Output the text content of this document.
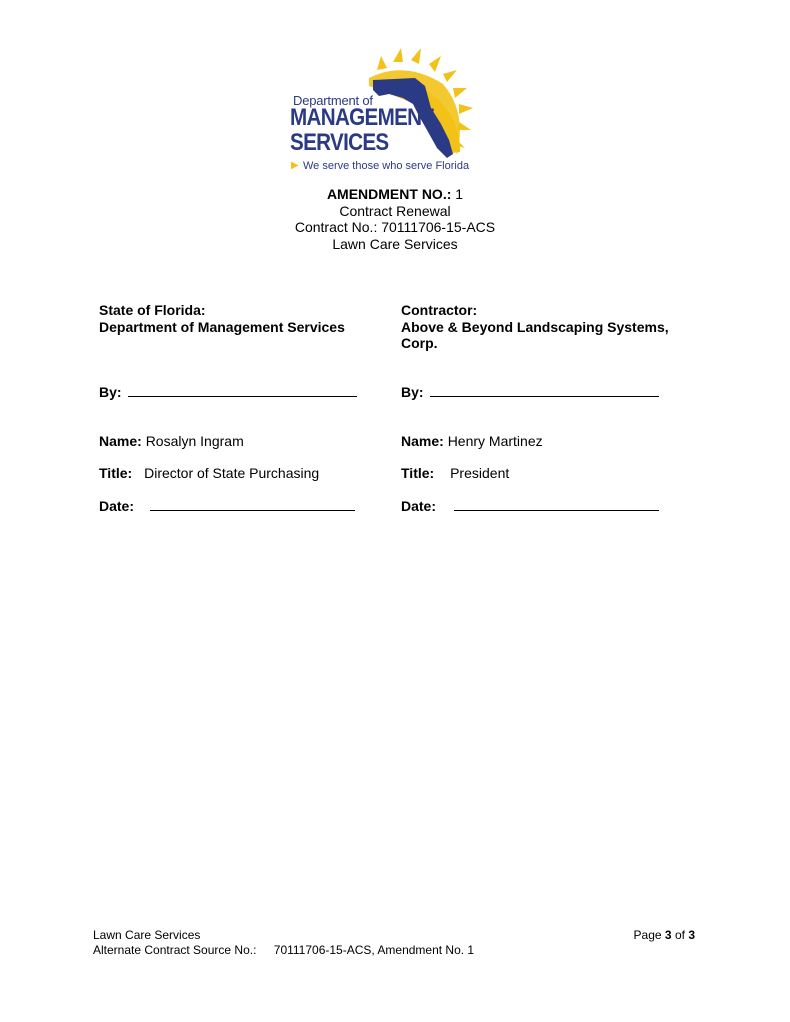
Department of
MANAGEMENT
SERVICES
▶ We serve those who serve Florida
AMENDMENT NO.: 1
Contract Renewal
Contract No.: 70111706-15-ACS
Lawn Care Services
State of Florida:
Department of Management Services
Contractor:
Above & Beyond Landscaping Systems,
Corp.
By:	By:
Name: Rosalyn Ingram	Name: Henry Martinez
Title: Director of State Purchasing	Title: President
Date:	Date:
Lawn Care Services
Alternate Contract Source No.: 70111706-15-ACS, Amendment No. 1
Page 3 of 3
